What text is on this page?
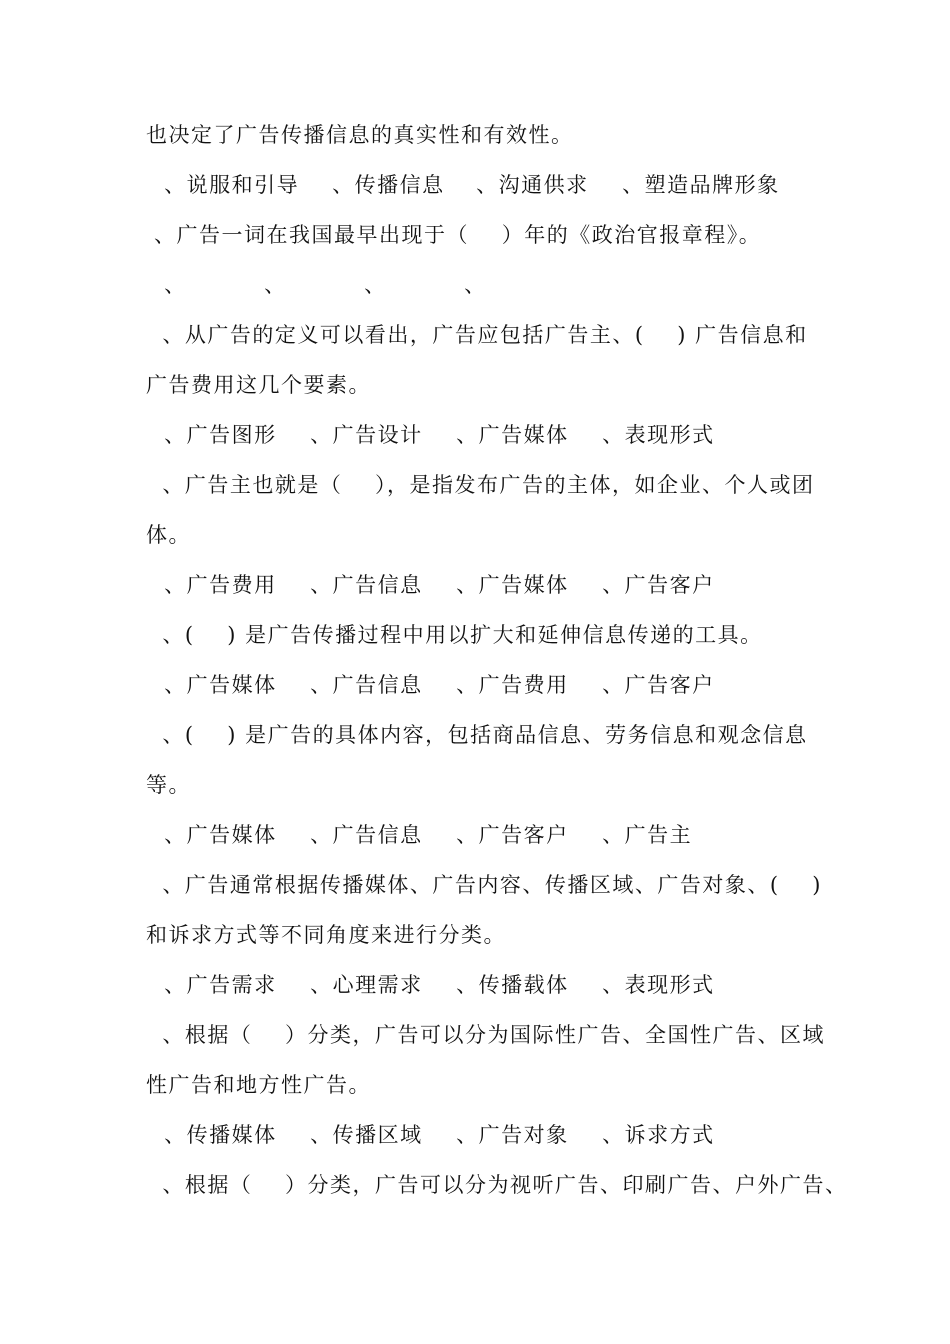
也决定了广告传播信息的真实性和有效性。

、说服和引导

、传播信息

、沟通供求

、塑造品牌形象

、广告一词在我国最早出现于（    ）年的《政治官报章程》。

、

	、

	、

	、

、从广告的定义可以看出，广告应包括广告主、(    ) 广告信息和
广告费用这几个要素。

、广告图形

、广告设计

、广告媒体

、表现形式

、广告主也就是（    ），是指发布广告的主体，如企业、个人或团
体。

、广告费用

、广告信息

、广告媒体

、广告客户

、(    ) 是广告传播过程中用以扩大和延伸信息传递的工具。

、广告媒体

、广告信息

、广告费用

、广告客户

、(    ) 是广告的具体内容，包括商品信息、劳务信息和观念信息
等。

、广告媒体

、广告信息

、广告客户

、广告主

、广告通常根据传播媒体、广告内容、传播区域、广告对象、(    )
和诉求方式等不同角度来进行分类。

、广告需求

、心理需求

、传播载体

、表现形式

、根据（    ）分类，广告可以分为国际性广告、全国性广告、区域
性广告和地方性广告。

、传播媒体

、传播区域

、广告对象

、诉求方式

、根据（    ）分类，广告可以分为视听广告、印刷广告、户外广告、
